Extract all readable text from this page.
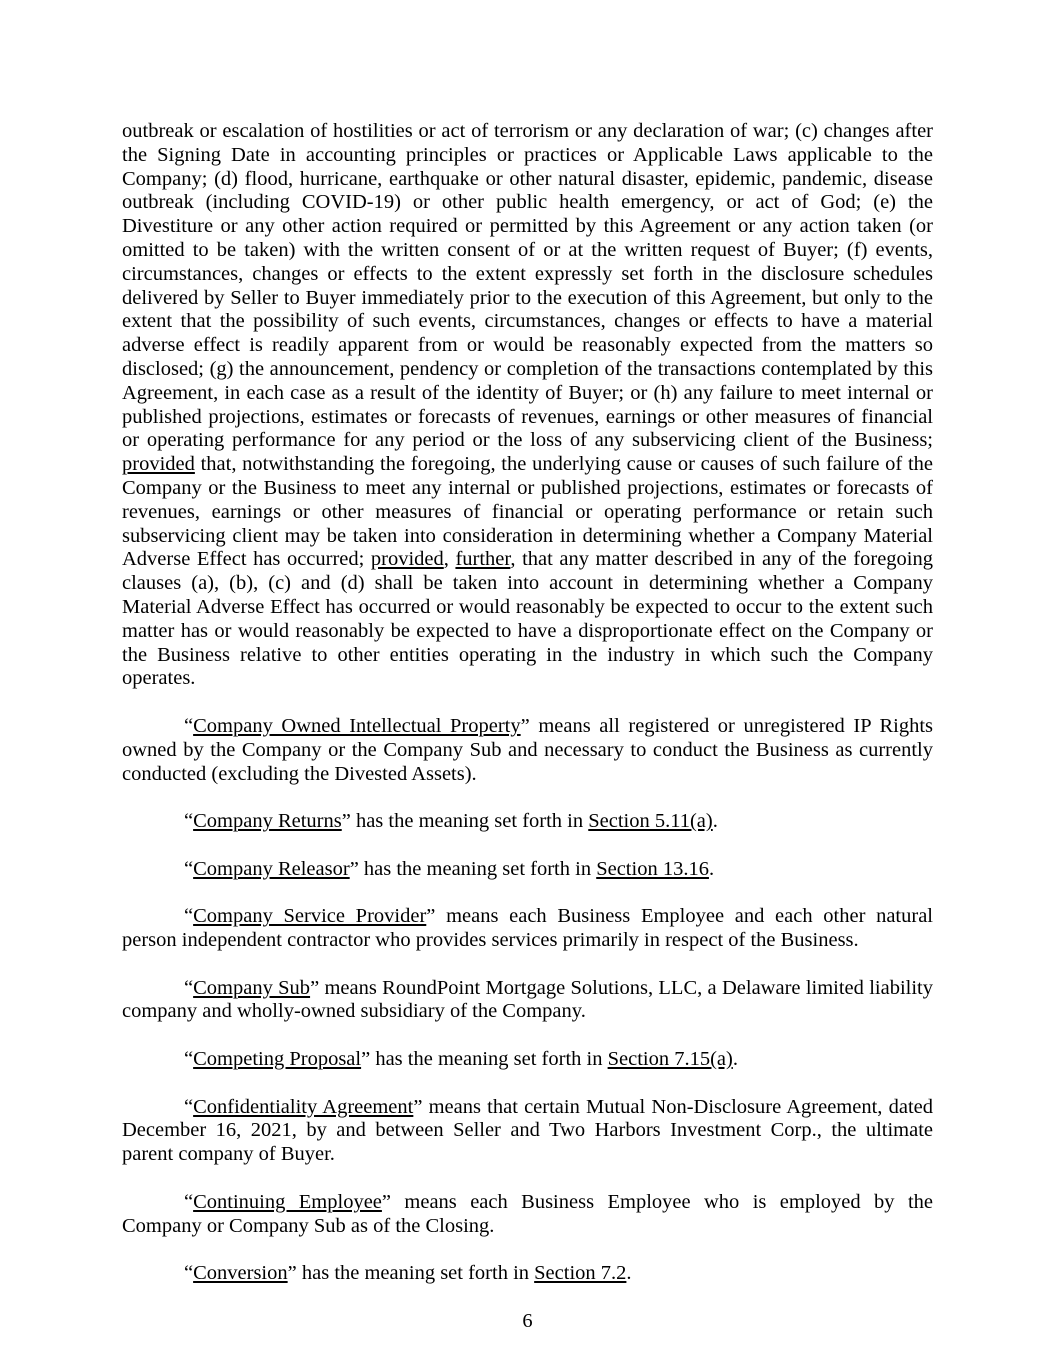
outbreak or escalation of hostilities or act of terrorism or any declaration of war; (c) changes after the Signing Date in accounting principles or practices or Applicable Laws applicable to the Company; (d) flood, hurricane, earthquake or other natural disaster, epidemic, pandemic, disease outbreak (including COVID-19) or other public health emergency, or act of God; (e) the Divestiture or any other action required or permitted by this Agreement or any action taken (or omitted to be taken) with the written consent of or at the written request of Buyer; (f) events, circumstances, changes or effects to the extent expressly set forth in the disclosure schedules delivered by Seller to Buyer immediately prior to the execution of this Agreement, but only to the extent that the possibility of such events, circumstances, changes or effects to have a material adverse effect is readily apparent from or would be reasonably expected from the matters so disclosed; (g) the announcement, pendency or completion of the transactions contemplated by this Agreement, in each case as a result of the identity of Buyer; or (h) any failure to meet internal or published projections, estimates or forecasts of revenues, earnings or other measures of financial or operating performance for any period or the loss of any subservicing client of the Business; provided that, notwithstanding the foregoing, the underlying cause or causes of such failure of the Company or the Business to meet any internal or published projections, estimates or forecasts of revenues, earnings or other measures of financial or operating performance or retain such subservicing client may be taken into consideration in determining whether a Company Material Adverse Effect has occurred; provided, further, that any matter described in any of the foregoing clauses (a), (b), (c) and (d) shall be taken into account in determining whether a Company Material Adverse Effect has occurred or would reasonably be expected to occur to the extent such matter has or would reasonably be expected to have a disproportionate effect on the Company or the Business relative to other entities operating in the industry in which such the Company operates.

“Company Owned Intellectual Property” means all registered or unregistered IP Rights owned by the Company or the Company Sub and necessary to conduct the Business as currently conducted (excluding the Divested Assets).

“Company Returns” has the meaning set forth in Section 5.11(a).

“Company Releasor” has the meaning set forth in Section 13.16.

“Company Service Provider” means each Business Employee and each other natural person independent contractor who provides services primarily in respect of the Business.

“Company Sub” means RoundPoint Mortgage Solutions, LLC, a Delaware limited liability company and wholly-owned subsidiary of the Company.

“Competing Proposal” has the meaning set forth in Section 7.15(a).

“Confidentiality Agreement” means that certain Mutual Non-Disclosure Agreement, dated December 16, 2021, by and between Seller and Two Harbors Investment Corp., the ultimate parent company of Buyer.

“Continuing Employee” means each Business Employee who is employed by the Company or Company Sub as of the Closing.

“Conversion” has the meaning set forth in Section 7.2.

6
